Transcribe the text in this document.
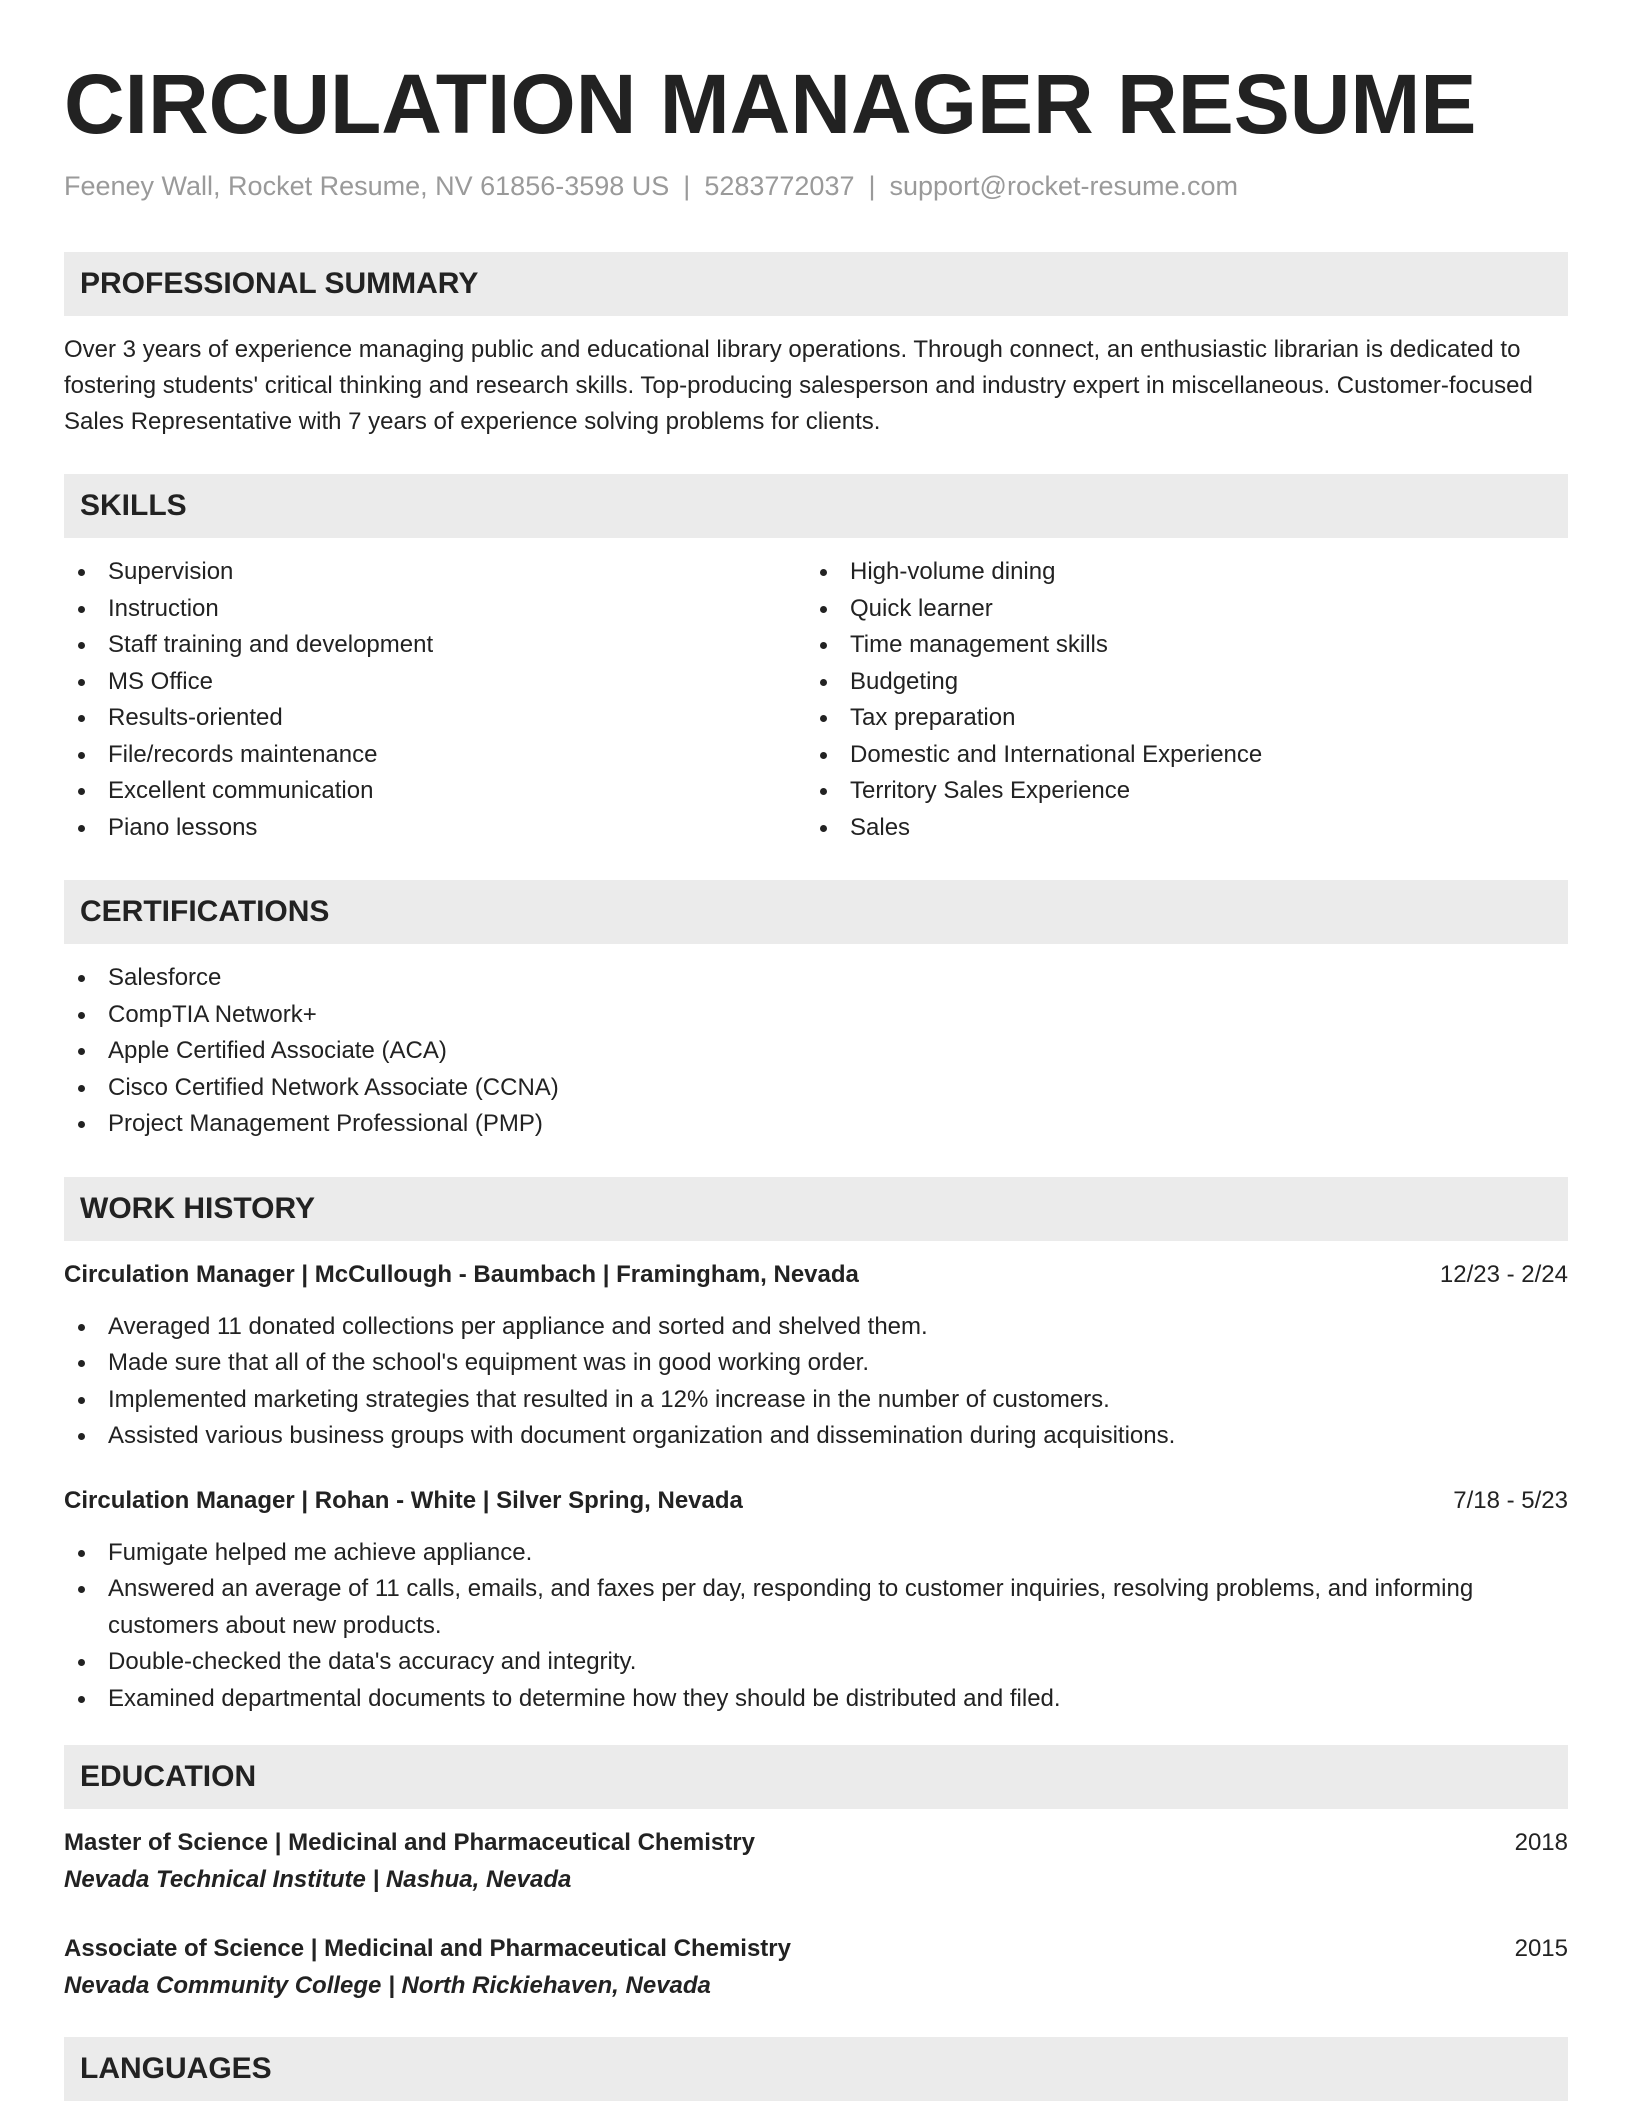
CIRCULATION MANAGER RESUME
Feeney Wall, Rocket Resume, NV 61856-3598 US | 5283772037 | support@rocket-resume.com
PROFESSIONAL SUMMARY

Over 3 years of experience managing public and educational library operations. Through connect, an enthusiastic librarian is dedicated to fostering students' critical thinking and research skills. Top-producing salesperson and industry expert in miscellaneous. Customer-focused Sales Representative with 7 years of experience solving problems for clients.

SKILLS
Supervision
Instruction
Staff training and development
MS Office
Results-oriented
File/records maintenance
Excellent communication
Piano lessons
High-volume dining
Quick learner
Time management skills
Budgeting
Tax preparation
Domestic and International Experience
Territory Sales Experience
Sales
CERTIFICATIONS
Salesforce
CompTIA Network+
Apple Certified Associate (ACA)
Cisco Certified Network Associate (CCNA)
Project Management Professional (PMP)
WORK HISTORY
Circulation Manager | McCullough - Baumbach | Framingham, Nevada	12/23 - 2/24
Averaged 11 donated collections per appliance and sorted and shelved them.
Made sure that all of the school's equipment was in good working order.
Implemented marketing strategies that resulted in a 12% increase in the number of customers.
Assisted various business groups with document organization and dissemination during acquisitions.
Circulation Manager | Rohan - White | Silver Spring, Nevada	7/18 - 5/23
Fumigate helped me achieve appliance.
Answered an average of 11 calls, emails, and faxes per day, responding to customer inquiries, resolving problems, and informing customers about new products.
Double-checked the data's accuracy and integrity.
Examined departmental documents to determine how they should be distributed and filed.
EDUCATION
Master of Science | Medicinal and Pharmaceutical Chemistry	2018
Nevada Technical Institute | Nashua, Nevada
Associate of Science | Medicinal and Pharmaceutical Chemistry	2015
Nevada Community College | North Rickiehaven, Nevada
LANGUAGES
